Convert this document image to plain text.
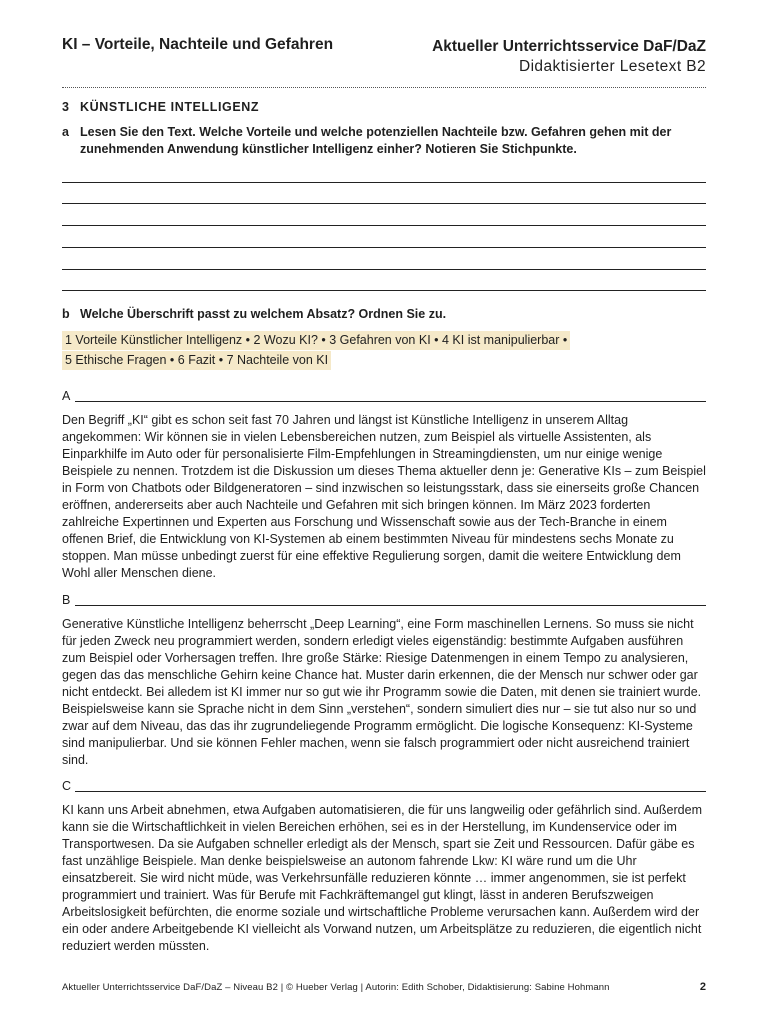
KI – Vorteile, Nachteile und Gefahren	Aktueller Unterrichtsservice DaF/DaZ
Didaktisierter Lesetext B2
3 KÜNSTLICHE INTELLIGENZ
a Lesen Sie den Text. Welche Vorteile und welche potenziellen Nachteile bzw. Gefahren gehen mit der zunehmenden Anwendung künstlicher Intelligenz einher? Notieren Sie Stichpunkte.
b Welche Überschrift passt zu welchem Absatz? Ordnen Sie zu.
1 Vorteile Künstlicher Intelligenz • 2 Wozu KI? • 3 Gefahren von KI • 4 KI ist manipulierbar •
5 Ethische Fragen • 6 Fazit • 7 Nachteile von KI
A

Den Begriff „KI“ gibt es schon seit fast 70 Jahren und längst ist Künstliche Intelligenz in unserem Alltag angekommen: Wir können sie in vielen Lebensbereichen nutzen, zum Beispiel als virtuelle Assistenten, als Einparkhilfe im Auto oder für personalisierte Film-Empfehlungen in Streamingdiensten, um nur einige wenige Beispiele zu nennen. Trotzdem ist die Diskussion um dieses Thema aktueller denn je: Generative KIs – zum Beispiel in Form von Chatbots oder Bildgeneratoren – sind inzwischen so leistungsstark, dass sie einerseits große Chancen eröffnen, andererseits aber auch Nachteile und Gefahren mit sich bringen können. Im März 2023 forderten zahlreiche Expertinnen und Experten aus Forschung und Wissenschaft sowie aus der Tech-Branche in einem offenen Brief, die Entwicklung von KI-Systemen ab einem bestimmten Niveau für mindestens sechs Monate zu stoppen. Man müsse unbedingt zuerst für eine effektive Regulierung sorgen, damit die weitere Entwicklung dem Wohl aller Menschen diene.

B

Generative Künstliche Intelligenz beherrscht „Deep Learning“, eine Form maschinellen Lernens. So muss sie nicht für jeden Zweck neu programmiert werden, sondern erledigt vieles eigenständig: bestimmte Aufgaben ausführen zum Beispiel oder Vorhersagen treffen. Ihre große Stärke: Riesige Datenmengen in einem Tempo zu analysieren, gegen das das menschliche Gehirn keine Chance hat. Muster darin erkennen, die der Mensch nur schwer oder gar nicht entdeckt. Bei alledem ist KI immer nur so gut wie ihr Programm sowie die Daten, mit denen sie trainiert wurde. Beispielsweise kann sie Sprache nicht in dem Sinn „verstehen“, sondern simuliert dies nur – sie tut also nur so und zwar auf dem Niveau, das das ihr zugrundeliegende Programm ermöglicht. Die logische Konsequenz: KI-Systeme sind manipulierbar. Und sie können Fehler machen, wenn sie falsch programmiert oder nicht ausreichend trainiert sind.

C

KI kann uns Arbeit abnehmen, etwa Aufgaben automatisieren, die für uns langweilig oder gefährlich sind. Außerdem kann sie die Wirtschaftlichkeit in vielen Bereichen erhöhen, sei es in der Herstellung, im Kundenservice oder im Transportwesen. Da sie Aufgaben schneller erledigt als der Mensch, spart sie Zeit und Ressourcen. Dafür gäbe es fast unzählige Beispiele. Man denke beispielsweise an autonom fahrende Lkw: KI wäre rund um die Uhr einsatzbereit. Sie wird nicht müde, was Verkehrsunfälle reduzieren könnte … immer angenommen, sie ist perfekt programmiert und trainiert. Was für Berufe mit Fachkräftemangel gut klingt, lässt in anderen Berufszweigen Arbeitslosigkeit befürchten, die enorme soziale und wirtschaftliche Probleme verursachen kann. Außerdem wird der ein oder andere Arbeitgebende KI vielleicht als Vorwand nutzen, um Arbeitsplätze zu reduzieren, die eigentlich nicht reduziert werden müssten.

Aktueller Unterrichtsservice DaF/DaZ – Niveau B2 | © Hueber Verlag | Autorin: Edith Schober, Didaktisierung: Sabine Hohmann	2
